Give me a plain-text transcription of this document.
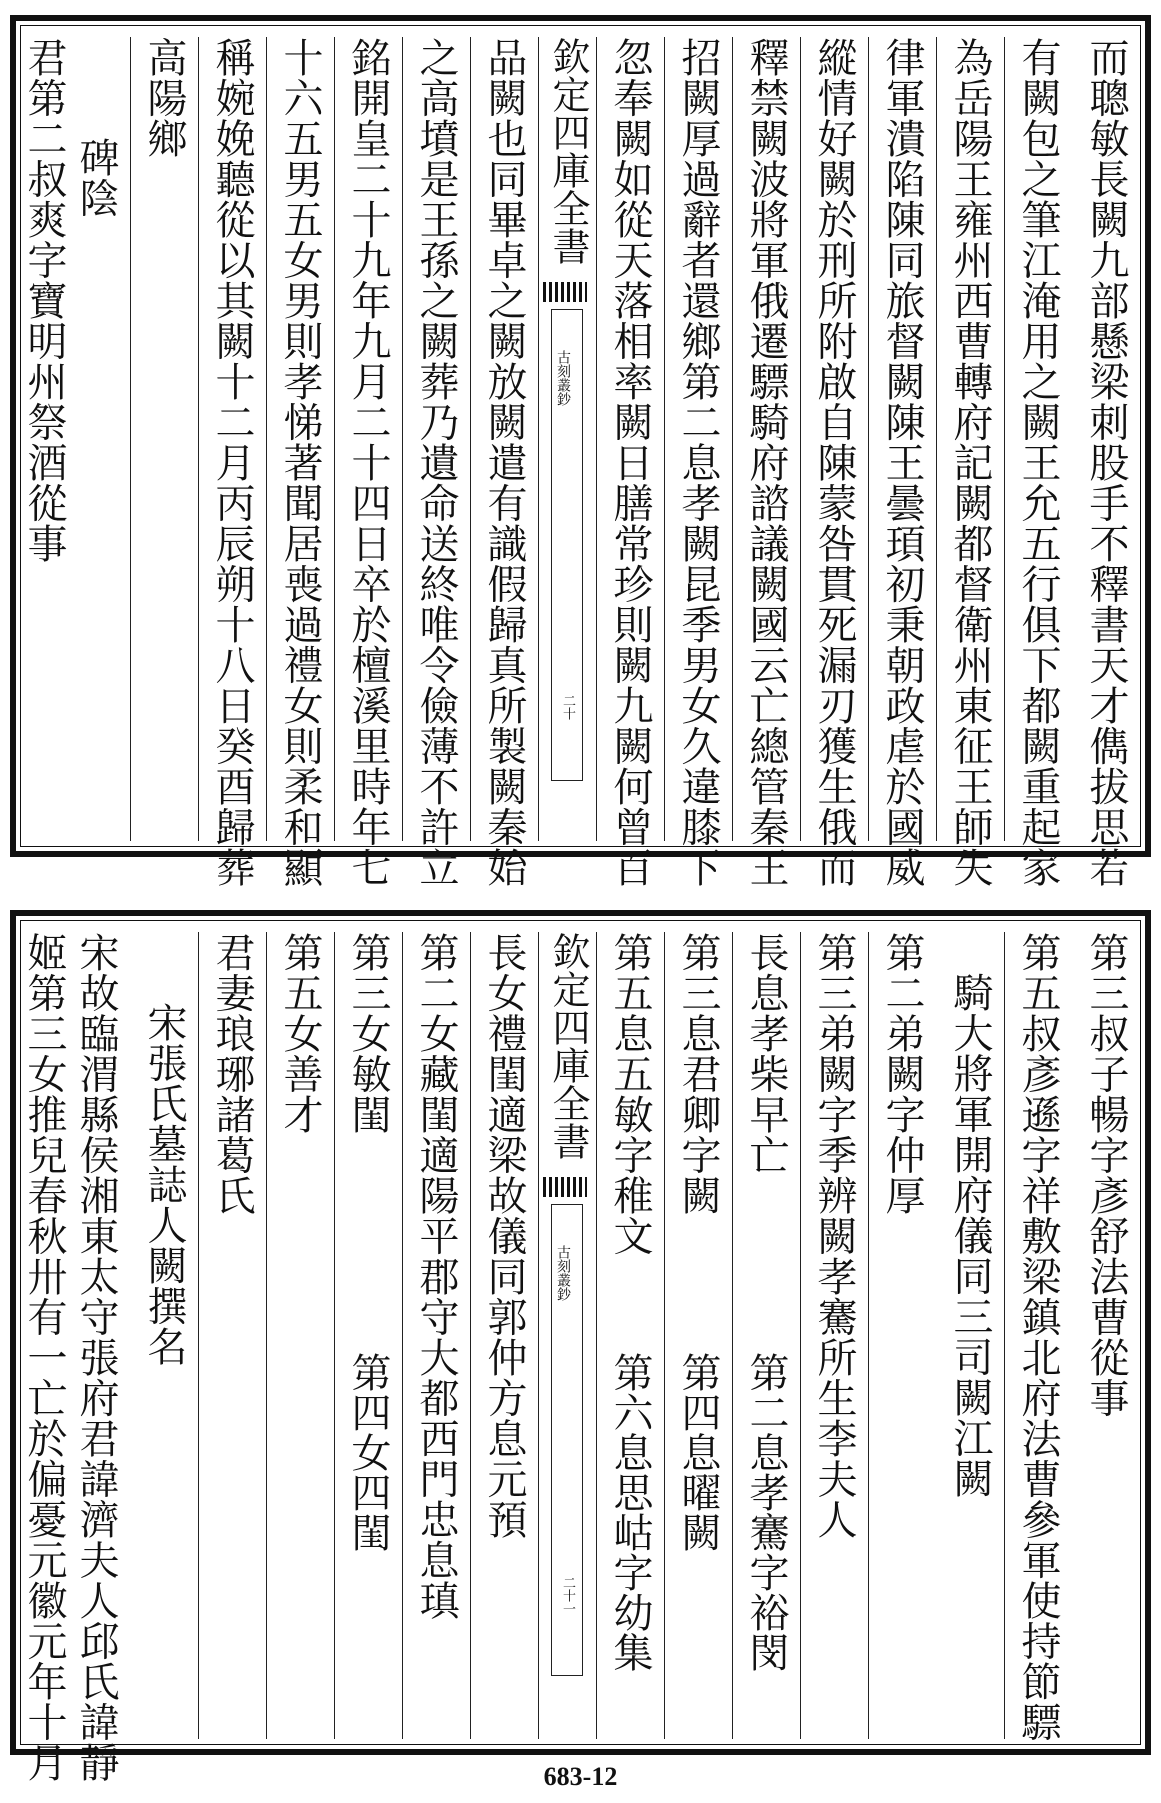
而聰敏長闕九部懸梁刺股手不釋書天才儁拔思若
有闕包之筆江淹用之闕王允五行俱下都闕重起家
為岳陽王雍州西曹轉府記闕都督衛州東征王師失
律軍潰陷陳同旅督闕陳王曇頊初秉朝政虐於國威
縱情好闕於刑所附啟自陳蒙咎貫死漏刃獲生俄而
釋禁闕波將軍俄遷驃騎府諮議闕國云亡總管秦王
招闕厚過辭者還鄉第二息孝闕昆季男女久違膝下
忽奉闕如從天落相率闕日膳常珍則闕九闕何曾百
欽定四庫全書
古刻叢鈔
二十
品闕也同畢卓之闕放闕遣有識假歸真所製闕秦始
之高墳是王孫之闕葬乃遺命送終唯令儉薄不許立
銘開皇二十九年九月二十四日卒於檀溪里時年七
十六五男五女男則孝悌著聞居喪過禮女則柔和顯
稱婉娩聽從以其闕十二月丙辰朔十八日癸酉歸葬
高陽鄉
碑陰
君第二叔爽字寶明州祭酒從事
第三叔子暢字彥舒法曹從事
第五叔彥遜字祥敷梁鎮北府法曹參軍使持節驃
騎大將軍開府儀同三司闕江闕
第二弟闕字仲厚
第三弟闕字季辨闕孝騫所生李夫人
長息孝柴早亡
第二息孝騫字裕閔
第三息君卿字闕
第四息曜闕
第五息五敏字稚文
第六息思岵字幼集
欽定四庫全書
古刻叢鈔
二十一
長女禮閨適梁故儀同郭仲方息元預
第二女藏閨適陽平郡守大都西門忠息瑱
第三女敏閨
第四女四閨
第五女善才
君妻琅琊諸葛氏
宋張氏墓誌人闕撰名
宋故臨渭縣侯湘東太守張府君諱濟夫人邱氏諱靜
姬第三女推兒春秋卅有一亡於偏憂元徽元年十月	683-12
